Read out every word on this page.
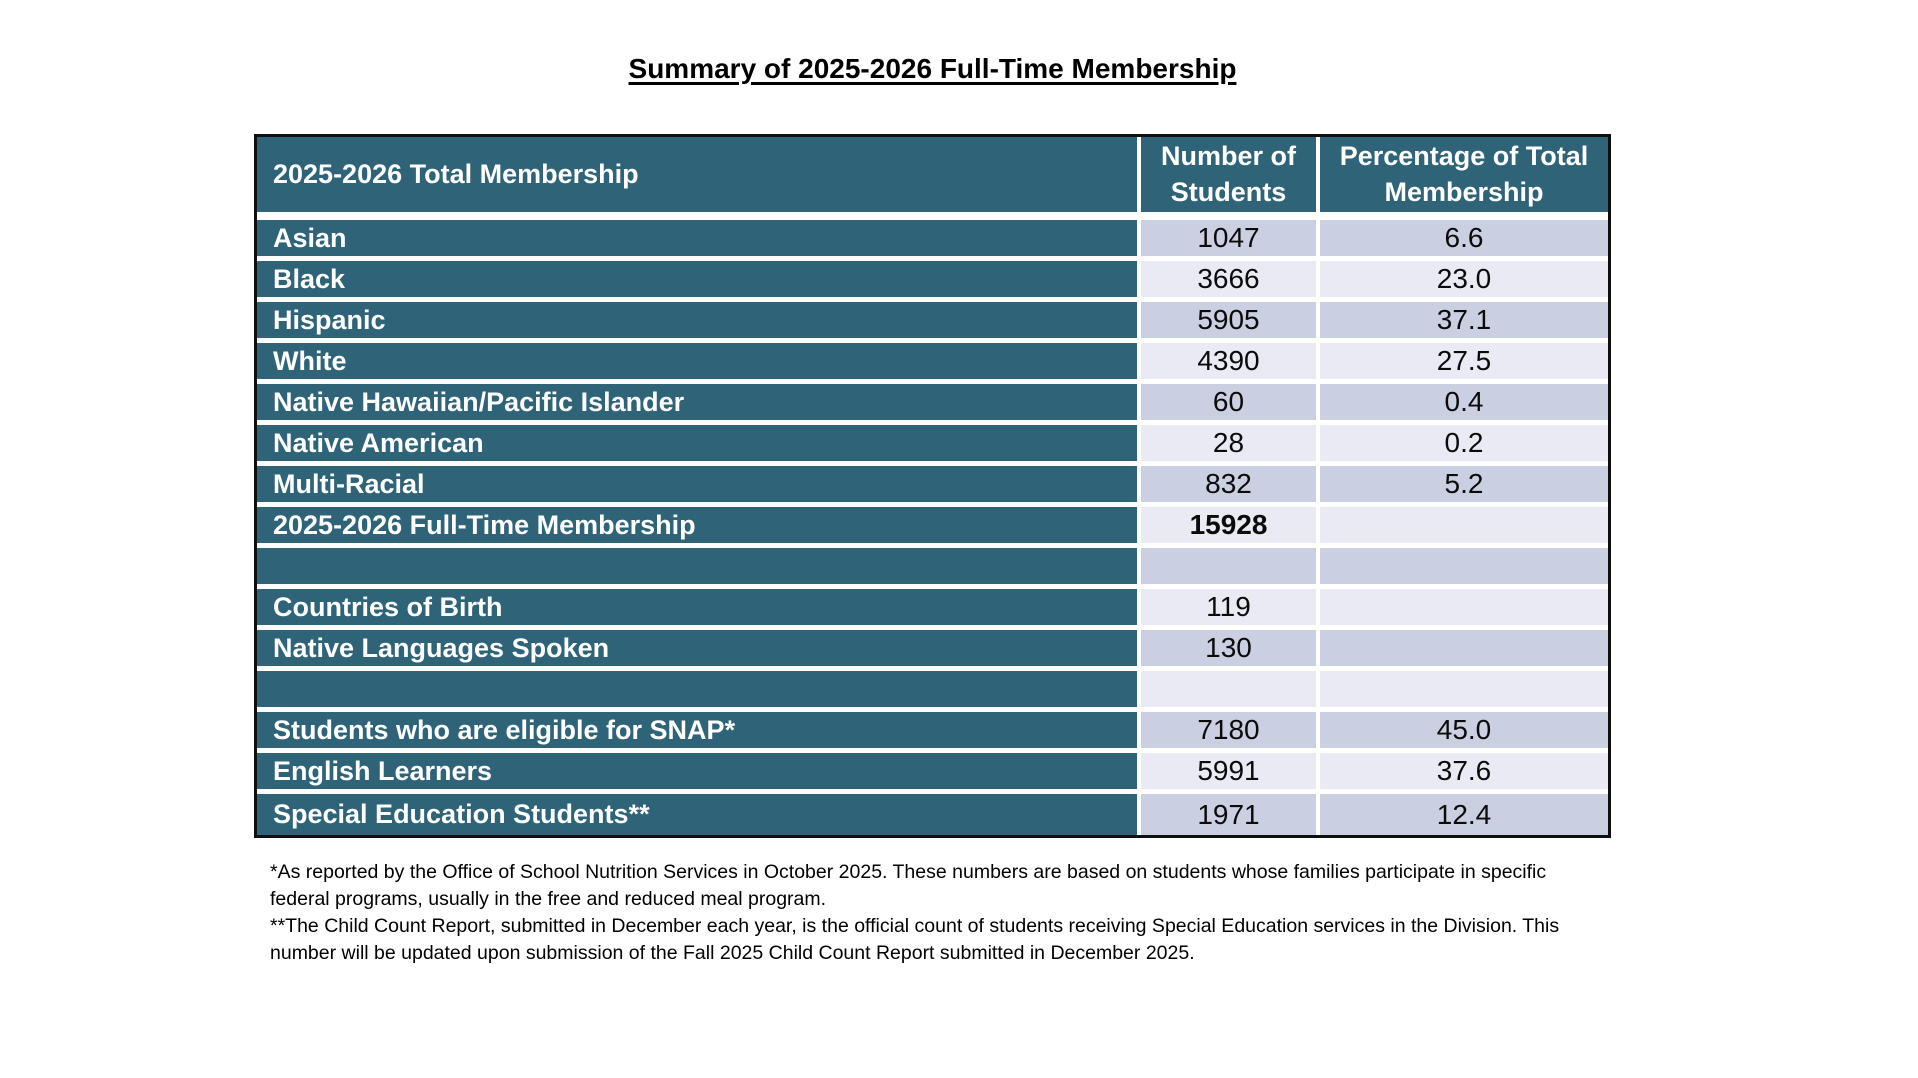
Summary of 2025-2026 Full-Time Membership
2025-2026 Total Membership	Number of Students	Percentage of Total Membership
Asian	1047	6.6
Black	3666	23.0
Hispanic	5905	37.1
White	4390	27.5
Native Hawaiian/Pacific Islander	60	0.4
Native American	28	0.2
Multi-Racial	832	5.2
2025-2026 Full-Time Membership	15928	

Countries of Birth	119	
Native Languages Spoken	130	

Students who are eligible for SNAP*	7180	45.0
English Learners	5991	37.6
Special Education Students**	1971	12.4

*As reported by the Office of School Nutrition Services in October 2025. These numbers are based on students whose families participate in specific federal programs, usually in the free and reduced meal program.

**The Child Count Report, submitted in December each year, is the official count of students receiving Special Education services in the Division. This number will be updated upon submission of the Fall 2025 Child Count Report submitted in December 2025.
